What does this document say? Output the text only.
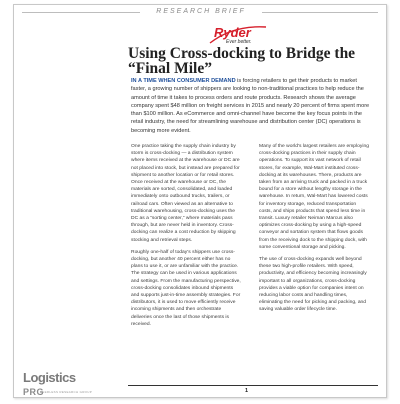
RESEARCH BRIEF
Ryder
Ever better.
Using Cross-docking to Bridge the “Final Mile”

IN A TIME WHEN CONSUMER DEMAND is forcing retailers to get their products to market faster, a growing number of shippers are looking to non-traditional practices to help reduce the amount of time it takes to process orders and route products. Research shows the average company spent $48 million on freight services in 2015 and nearly 20 percent of firms spent more than $100 million. As eCommerce and omni-channel have become the key focus points in the retail industry, the need for streamlining warehouse and distribution center (DC) operations is becoming more evident.

One practice taking the supply chain industry by storm is cross-docking — a distribution system where items received at the warehouse or DC are not placed into stock, but instead are prepared for shipment to another location or for retail stores. Once received at the warehouse or DC, the materials are sorted, consolidated, and loaded immediately onto outbound trucks, trailers, or railroad cars. Often viewed as an alternative to traditional warehousing, cross-docking uses the DC as a “sorting center,” where materials pass through, but are never held in inventory. Cross-docking can realize a cost reduction by skipping stocking and retrieval steps.

Roughly one-half of today’s shippers use cross-docking, but another 40 percent either has no plans to use it, or are unfamiliar with the practice. The strategy can be used in various applications and settings. From the manufacturing perspective, cross-docking consolidates inbound shipments and supports just-in-time assembly strategies. For distributors, it is used to move efficiently receive incoming shipments and then orchestrate deliveries once the last of those shipments is received.

Many of the world’s largest retailers are employing cross-docking practices in their supply chain operations. To support its vast network of retail stores, for example, Wal-Mart instituted cross-docking at its warehouses. There, products are taken from an arriving truck and packed in a truck bound for a store without lengthy storage in the warehouse. In return, Wal-Mart has lowered costs for inventory storage, reduced transportation costs, and ships products that spend less time in transit. Luxury retailer Neiman Marcus also optimizes cross-docking by using a high-speed conveyor and sortation system that flows goods from the receiving dock to the shipping dock, with some conventional storage and picking.

The use of cross-docking expands well beyond these two high-profile retailers. With speed, productivity, and efficiency becoming increasingly important to all organizations, cross-docking provides a viable option for companies intent on reducing labor costs and handling times, eliminating the need for picking and packing, and saving valuable order lifecycle time.

Logistics
PRG
PEERLESS RESEARCH GROUP	1
